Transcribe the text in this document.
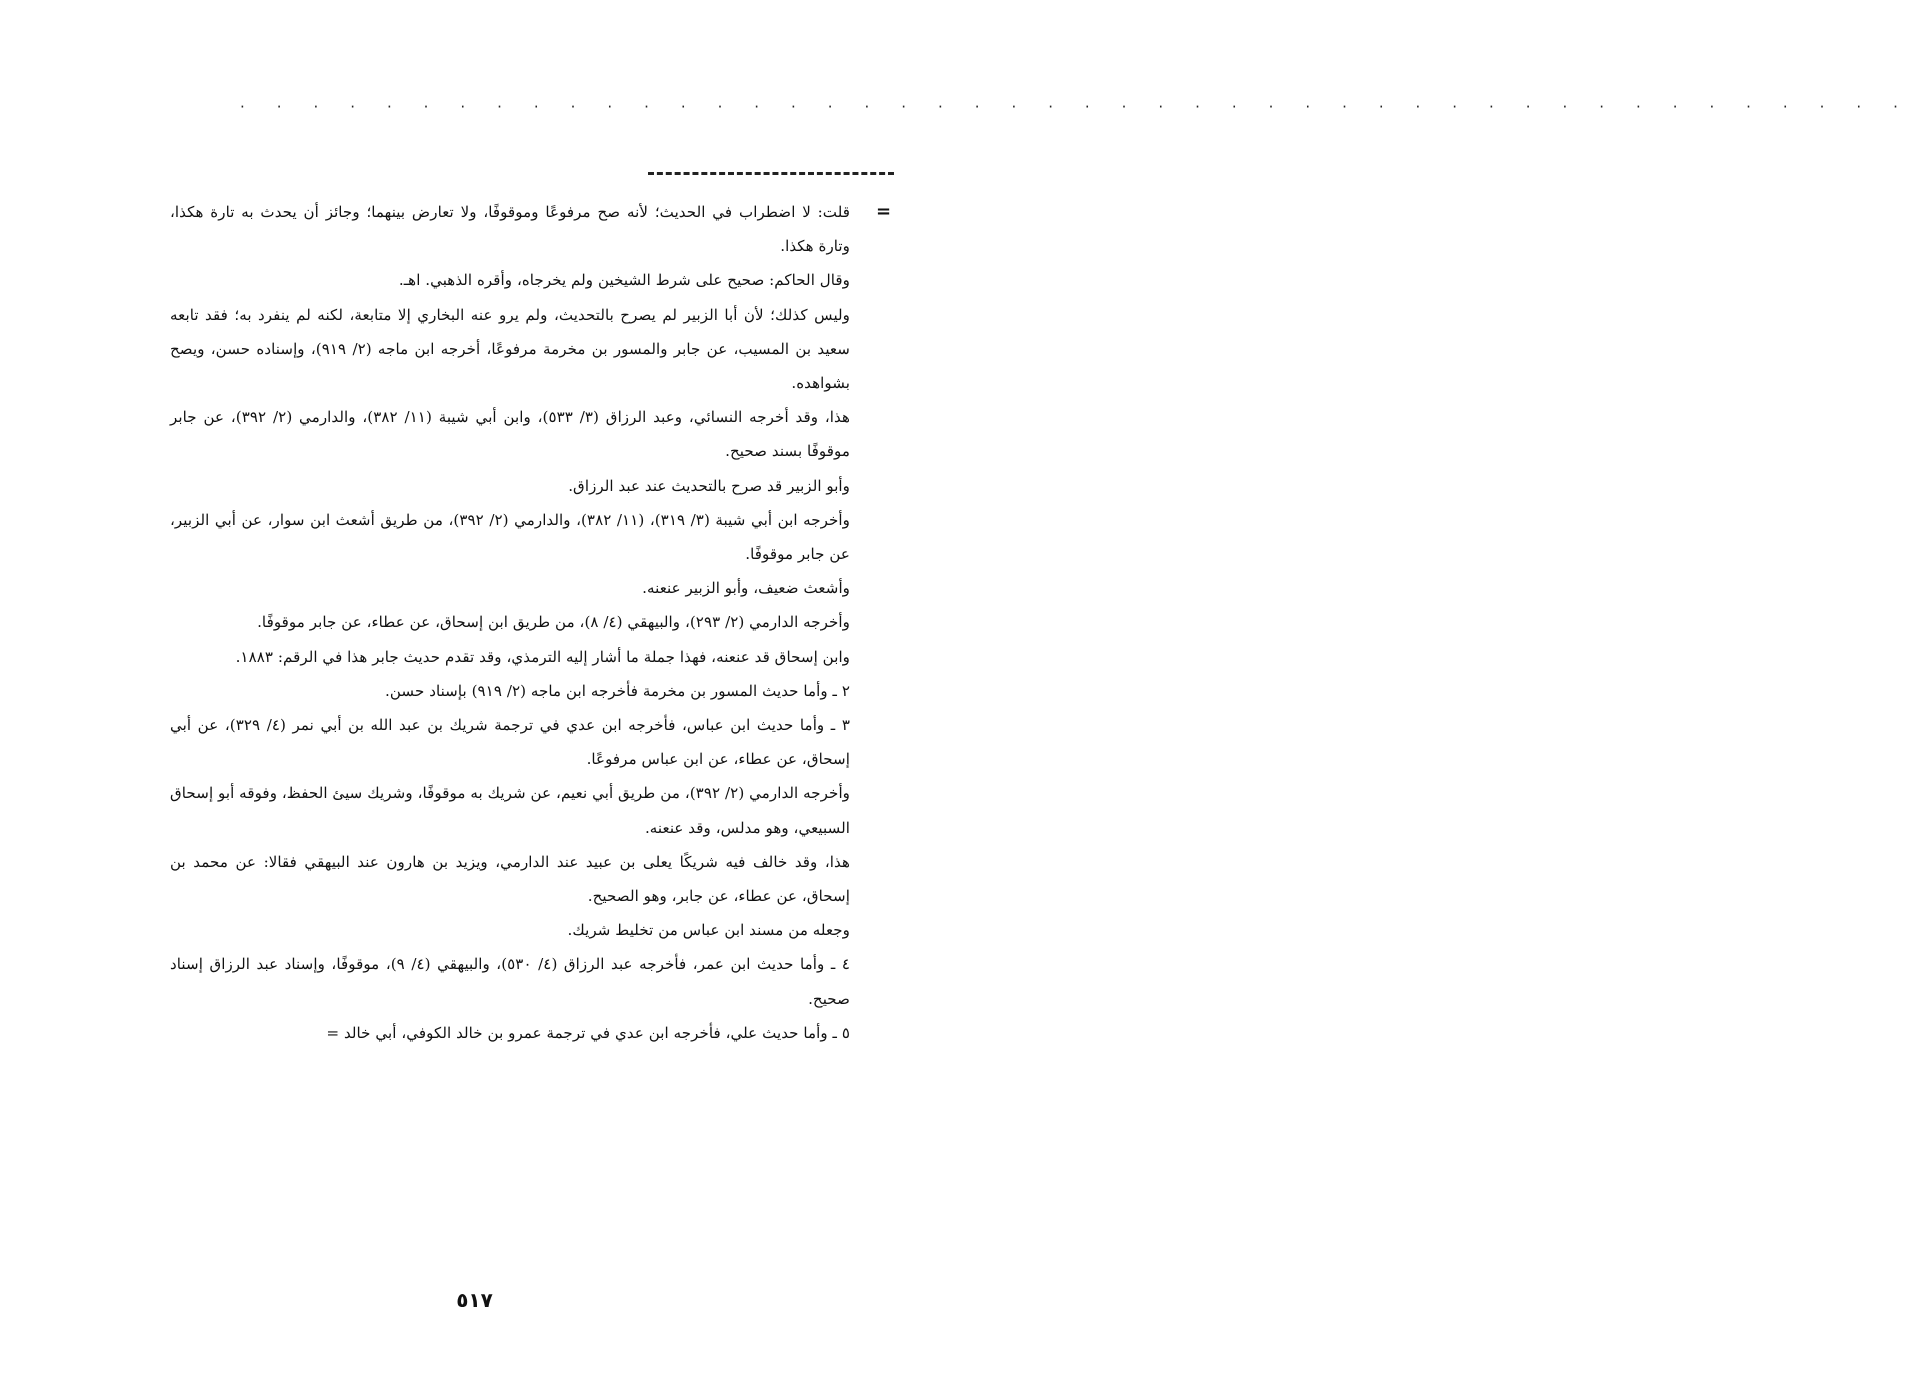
· · · · · · · · · · · · · · · · · · · · · · · · · · · · · · · · · · · · · · · · · · · · · ·
=

قلت: لا اضطراب في الحديث؛ لأنه صح مرفوعًا وموقوفًا، ولا تعارض بينهما؛ وجائز أن يحدث به تارة هكذا، وتارة هكذا.

وقال الحاكم: صحيح على شرط الشيخين ولم يخرجاه، وأقره الذهبي. اهـ.

وليس كذلك؛ لأن أبا الزبير لم يصرح بالتحديث، ولم يرو عنه البخاري إلا متابعة، لكنه لم ينفرد به؛ فقد تابعه سعيد بن المسيب، عن جابر والمسور بن مخرمة مرفوعًا، أخرجه ابن ماجه (٢/ ٩١٩)، وإسناده حسن، ويصح بشواهده.

هذا، وقد أخرجه النسائي، وعبد الرزاق (٣/ ٥٣٣)، وابن أبي شيبة (١١/ ٣٨٢)، والدارمي (٢/ ٣٩٢)، عن جابر موقوفًا بسند صحيح.

وأبو الزبير قد صرح بالتحديث عند عبد الرزاق.

وأخرجه ابن أبي شيبة (٣/ ٣١٩)، (١١/ ٣٨٢)، والدارمي (٢/ ٣٩٢)، من طريق أشعث ابن سوار، عن أبي الزبير، عن جابر موقوفًا.

وأشعث ضعيف، وأبو الزبير عنعنه.

وأخرجه الدارمي (٢/ ٢٩٣)، والبيهقي (٤/ ٨)، من طريق ابن إسحاق، عن عطاء، عن جابر موقوفًا.

وابن إسحاق قد عنعنه، فهذا جملة ما أشار إليه الترمذي، وقد تقدم حديث جابر هذا في الرقم: ١٨٨٣.

٢ ـ وأما حديث المسور بن مخرمة فأخرجه ابن ماجه (٢/ ٩١٩) بإسناد حسن.

٣ ـ وأما حديث ابن عباس، فأخرجه ابن عدي في ترجمة شريك بن عبد الله بن أبي نمر (٤/ ٣٢٩)، عن أبي إسحاق، عن عطاء، عن ابن عباس مرفوعًا.

وأخرجه الدارمي (٢/ ٣٩٢)، من طريق أبي نعيم، عن شريك به موقوفًا، وشريك سيئ الحفظ، وفوقه أبو إسحاق السبيعي، وهو مدلس، وقد عنعنه.

هذا، وقد خالف فيه شريكًا يعلى بن عبيد عند الدارمي، ويزيد بن هارون عند البيهقي فقالا: عن محمد بن إسحاق، عن عطاء، عن جابر، وهو الصحيح.

وجعله من مسند ابن عباس من تخليط شريك.

٤ ـ وأما حديث ابن عمر، فأخرجه عبد الرزاق (٤/ ٥٣٠)، والبيهقي (٤/ ٩)، موقوفًا، وإسناد عبد الرزاق إسناد صحيح.

٥ ـ وأما حديث علي، فأخرجه ابن عدي في ترجمة عمرو بن خالد الكوفي، أبي خالد =

٥١٧
